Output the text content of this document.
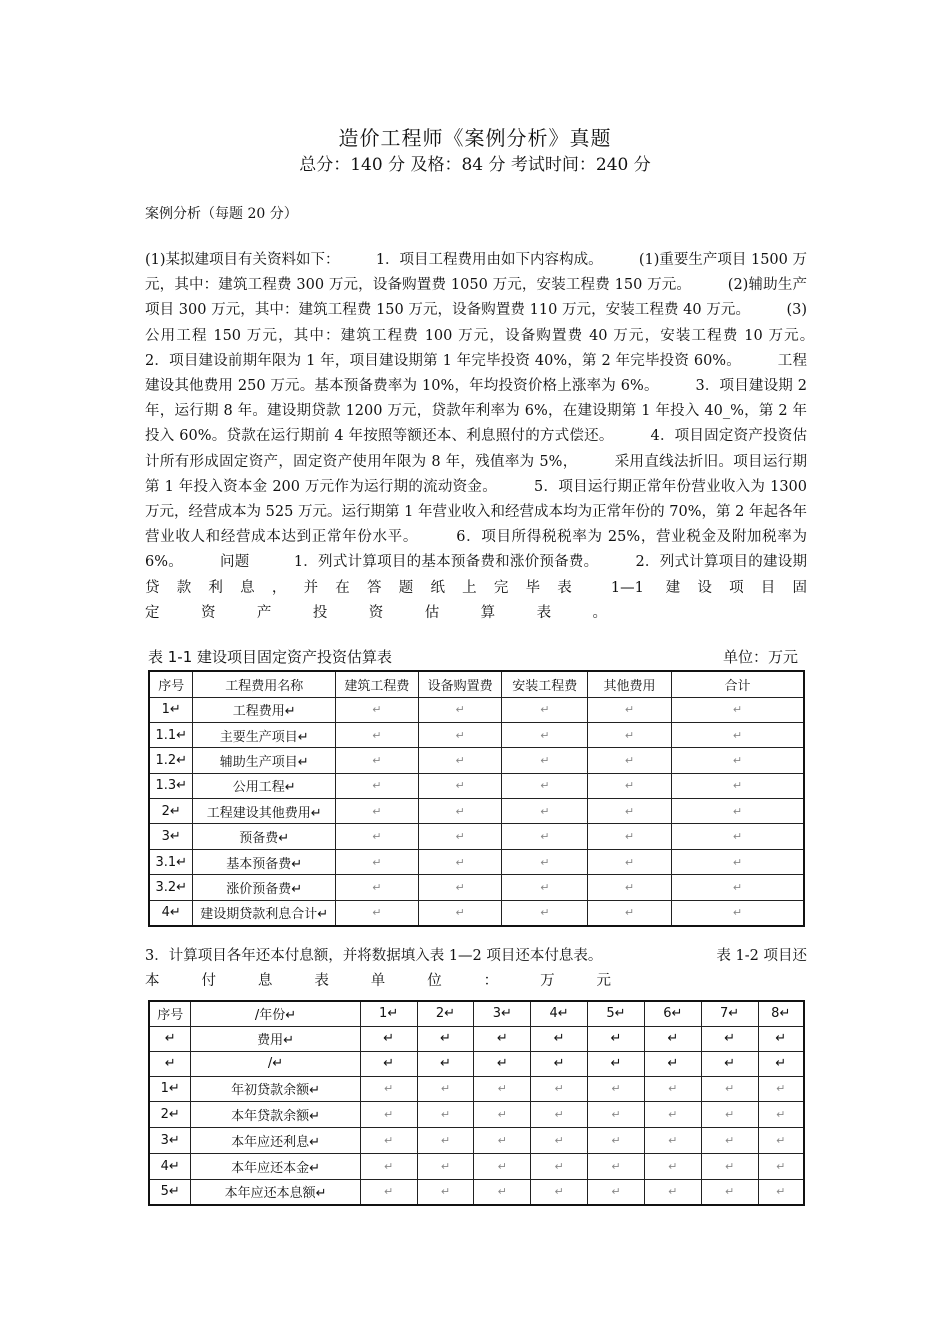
造价工程师《案例分析》真题
总分：140 分 及格：84 分 考试时间：240 分
案例分析（每题 20 分）

(1)某拟建项目有关资料如下：　　　1．项目工程费用由如下内容构成。　　　(1)重要生产项目 1500 万元，其中：建筑工程费 300 万元，设备购置费 1050 万元，安装工程费 150 万元。　　　(2)辅助生产项目 300 万元，其中：建筑工程费 150 万元，设备购置费 110 万元，安装工程费 40 万元。　　　(3)公用工程 150 万元，其中：建筑工程费 100 万元，设备购置费 40 万元，安装工程费 10 万元。　　　2．项目建设前期年限为 1 年，项目建设期第 1 年完毕投资 40%，第 2 年完毕投资 60%。　　　工程建设其他费用 250 万元。基本预备费率为 10%，年均投资价格上涨率为 6%。　　　3．项目建设期 2 年，运行期 8 年。建设期贷款 1200 万元，贷款年利率为 6%，在建设期第 1 年投入 40_%，第 2 年投入 60%。贷款在运行期前 4 年按照等额还本、利息照付的方式偿还。　　　4．项目固定资产投资估计所有形成固定资产，固定资产使用年限为 8 年，残值率为 5%，　　　采用直线法折旧。项目运行期第 1 年投入资本金 200 万元作为运行期的流动资金。　　　5．项目运行期正常年份营业收入为 1300 万元，经营成本为 525 万元。运行期第 1 年营业收入和经营成本均为正常年份的 70%，第 2 年起各年营业收人和经营成本达到正常年份水平。　　　6．项目所得税税率为 25%，营业税金及附加税率为 6%。　　　问题　　　1．列式计算项目的基本预备费和涨价预备费。　　　2．列式计算项目的建设期贷款利息，并在答题纸上完毕表 1—1 建设项目固

定	资	产	投	资	估	算	表	。
表 1-1 建设项目固定资产投资估算表	单位：万元
序号	工程费用名称	建筑工程费	设备购置费	安装工程费	其他费用	合计
1↵	工程费用↵	↵	↵	↵	↵	↵
1.1↵	主要生产项目↵	↵	↵	↵	↵	↵
1.2↵	辅助生产项目↵	↵	↵	↵	↵	↵
1.3↵	公用工程↵	↵	↵	↵	↵	↵
2↵	工程建设其他费用↵	↵	↵	↵	↵	↵
3↵	预备费↵	↵	↵	↵	↵	↵
3.1↵	基本预备费↵	↵	↵	↵	↵	↵
3.2↵	涨价预备费↵	↵	↵	↵	↵	↵
4↵	建设期贷款利息合计↵	↵	↵	↵	↵	↵
3．计算项目各年还本付息额，并将数据填入表 1—2 项目还本付息表。	表 1-2 项目还
本	付	息	表	单	位	：	万	元
序号	/年份↵	1↵	2↵	3↵	4↵	5↵	6↵	7↵	8↵
↵	费用↵	↵	↵	↵	↵	↵	↵	↵	↵
↵	/↵	↵	↵	↵	↵	↵	↵	↵	↵
1↵	年初贷款余额↵	↵	↵	↵	↵	↵	↵	↵	↵
2↵	本年贷款余额↵	↵	↵	↵	↵	↵	↵	↵	↵
3↵	本年应还利息↵	↵	↵	↵	↵	↵	↵	↵	↵
4↵	本年应还本金↵	↵	↵	↵	↵	↵	↵	↵	↵
5↵	本年应还本息额↵	↵	↵	↵	↵	↵	↵	↵	↵
